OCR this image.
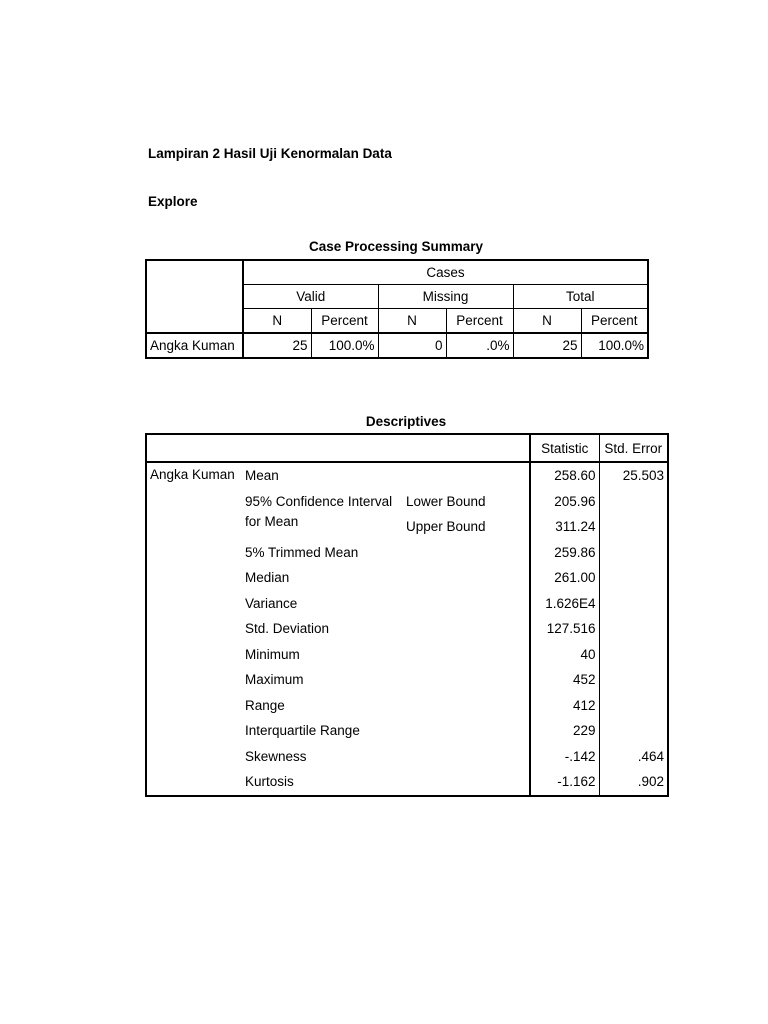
Lampiran 2 Hasil Uji Kenormalan Data
Explore
Case Processing Summary
	Cases					
	Valid		Missing		Total	
	N	Percent	N	Percent	N	Percent
Angka Kuman	25	100.0%	0	.0%	25	100.0%
Descriptives
			Statistic	Std. Error
Angka Kuman	Mean		258.60	25.503
	95% Confidence Interval for Mean	Lower Bound	205.96	
		Upper Bound	311.24	
	5% Trimmed Mean		259.86	
	Median		261.00	
	Variance		1.626E4	
	Std. Deviation		127.516	
	Minimum		40	
	Maximum		452	
	Range		412	
	Interquartile Range		229	
	Skewness		-.142	.464
	Kurtosis		-1.162	.902
